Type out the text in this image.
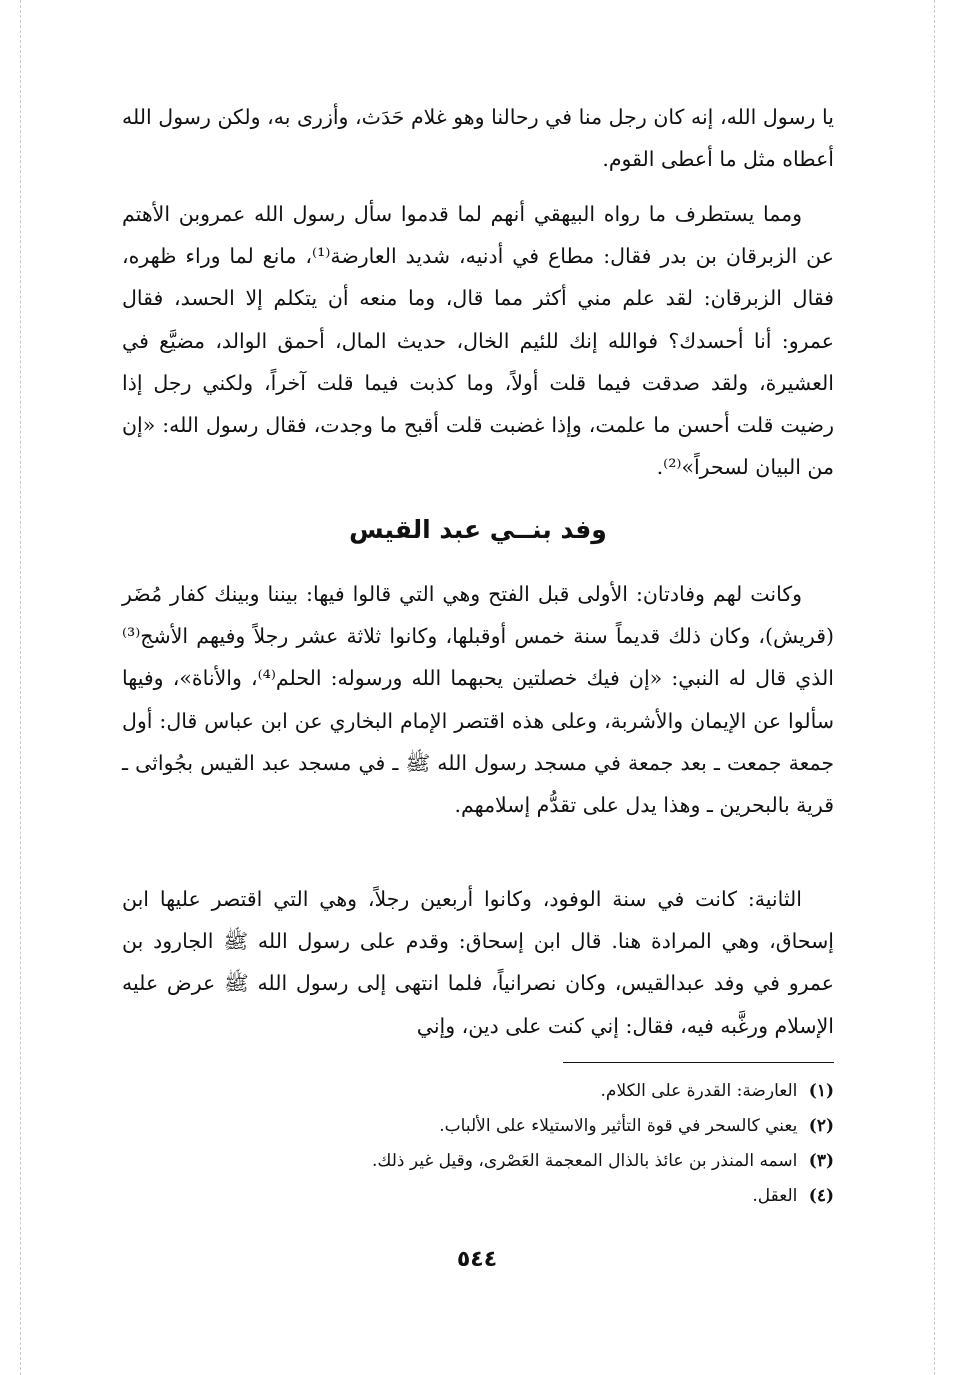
يا رسول الله، إنه كان رجل منا في رحالنا وهو غلام حَدَث، وأزرى به، ولكن رسول الله أعطاه مثل ما أعطى القوم.

ومما يستطرف ما رواه البيهقي أنهم لما قدموا سأل رسول الله عمروبن الأهتم عن الزبرقان بن بدر فقال: مطاع في أدنيه، شديد العارضة⁽¹⁾، مانع لما وراء ظهره، فقال الزبرقان: لقد علم مني أكثر مما قال، وما منعه أن يتكلم إلا الحسد، فقال عمرو: أنا أحسدك؟ فوالله إنك للئيم الخال، حديث المال، أحمق الوالد، مضيَّع في العشيرة، ولقد صدقت فيما قلت أولاً، وما كذبت فيما قلت آخراً، ولكني رجل إذا رضيت قلت أحسن ما علمت، وإذا غضبت قلت أقبح ما وجدت، فقال رسول الله: «إن من البيان لسحراً»⁽²⁾.

وفد بنــي عبد القيس

وكانت لهم وفادتان: الأولى قبل الفتح وهي التي قالوا فيها: بيننا وبينك كفار مُضَر (قريش)، وكان ذلك قديماً سنة خمس أوقبلها، وكانوا ثلاثة عشر رجلاً وفيهم الأشج⁽³⁾ الذي قال له النبي: «إن فيك خصلتين يحبهما الله ورسوله: الحلم⁽⁴⁾، والأناة»، وفيها سألوا عن الإيمان والأشربة، وعلى هذه اقتصر الإمام البخاري عن ابن عباس قال: أول جمعة جمعت ـ بعد جمعة في مسجد رسول الله ﷺ ـ في مسجد عبد القيس بجُواثى ـ قرية بالبحرين ـ وهذا يدل على تقدُّم إسلامهم.

الثانية: كانت في سنة الوفود، وكانوا أربعين رجلاً، وهي التي اقتصر عليها ابن إسحاق، وهي المرادة هنا. قال ابن إسحاق: وقدم على رسول الله ﷺ الجارود بن عمرو في وفد عبدالقيس، وكان نصرانياً، فلما انتهى إلى رسول الله ﷺ عرض عليه الإسلام ورغَّبه فيه، فقال: إني كنت على دين، وإني

(١) العارضة: القدرة على الكلام.

(٢) يعني كالسحر في قوة التأثير والاستيلاء على الألباب.

(٣) اسمه المنذر بن عائذ بالذال المعجمة العَصْرى، وقيل غير ذلك.

(٤) العقل.

٥٤٤
